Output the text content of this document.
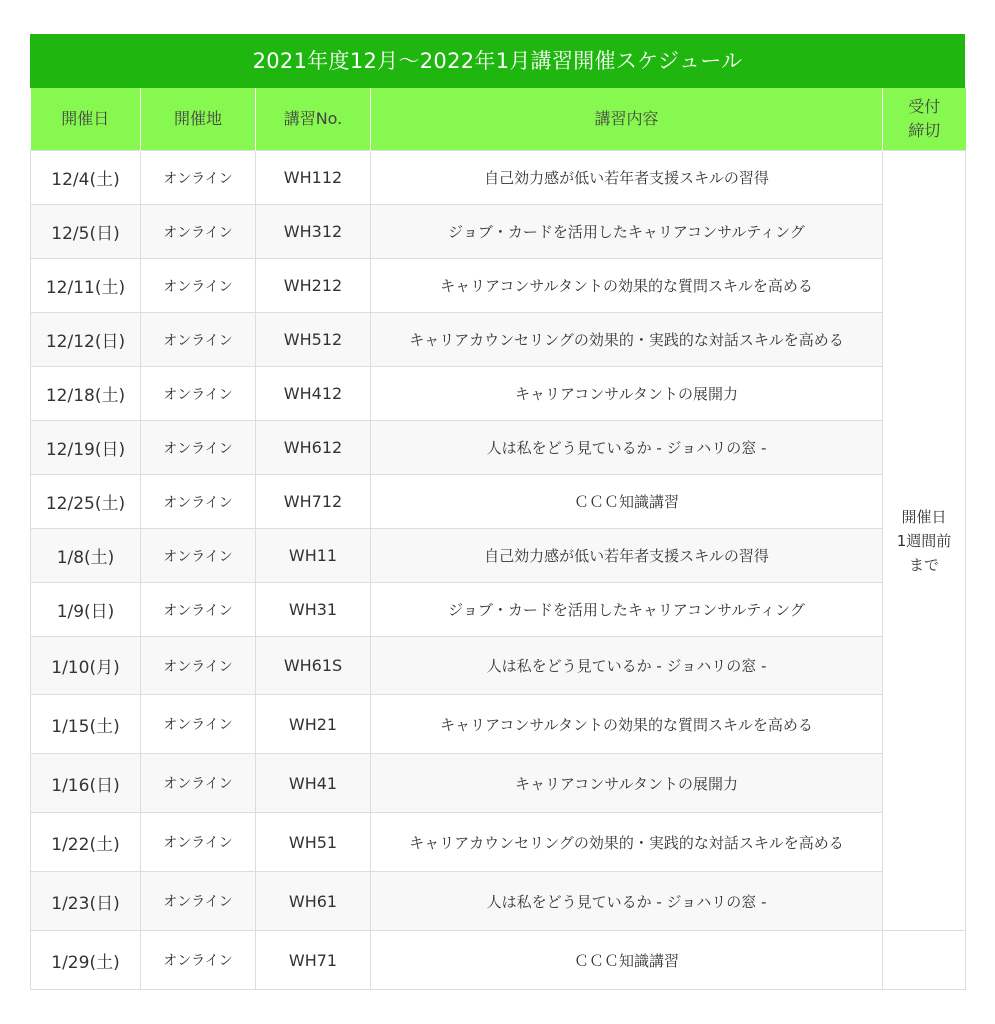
2021年度12月〜2022年1月講習開催スケジュール
開催日	開催地	講習No.	講習内容	受付
締切

12/4(土)	オンライン	WH112	自己効力感が低い若年者支援スキルの習得	開催日
1週間前
まで

12/5(日)	オンライン	WH312	ジョブ・カードを活用したキャリアコンサルティング	
12/11(土)	オンライン	WH212	キャリアコンサルタントの効果的な質問スキルを高める	
12/12(日)	オンライン	WH512	キャリアカウンセリングの効果的・実践的な対話スキルを高める	
12/18(土)	オンライン	WH412	キャリアコンサルタントの展開力	
12/19(日)	オンライン	WH612	人は私をどう見ているか - ジョハリの窓 -	
12/25(土)	オンライン	WH712	ＣＣＣ知識講習	
1/8(土)	オンライン	WH11	自己効力感が低い若年者支援スキルの習得	
1/9(日)	オンライン	WH31	ジョブ・カードを活用したキャリアコンサルティング	
1/10(月)	オンライン	WH61S	人は私をどう見ているか - ジョハリの窓 -	
1/15(土)	オンライン	WH21	キャリアコンサルタントの効果的な質問スキルを高める	
1/16(日)	オンライン	WH41	キャリアコンサルタントの展開力	
1/22(土)	オンライン	WH51	キャリアカウンセリングの効果的・実践的な対話スキルを高める	
1/23(日)	オンライン	WH61	人は私をどう見ているか - ジョハリの窓 -	
1/29(土)	オンライン	WH71	ＣＣＣ知識講習	
